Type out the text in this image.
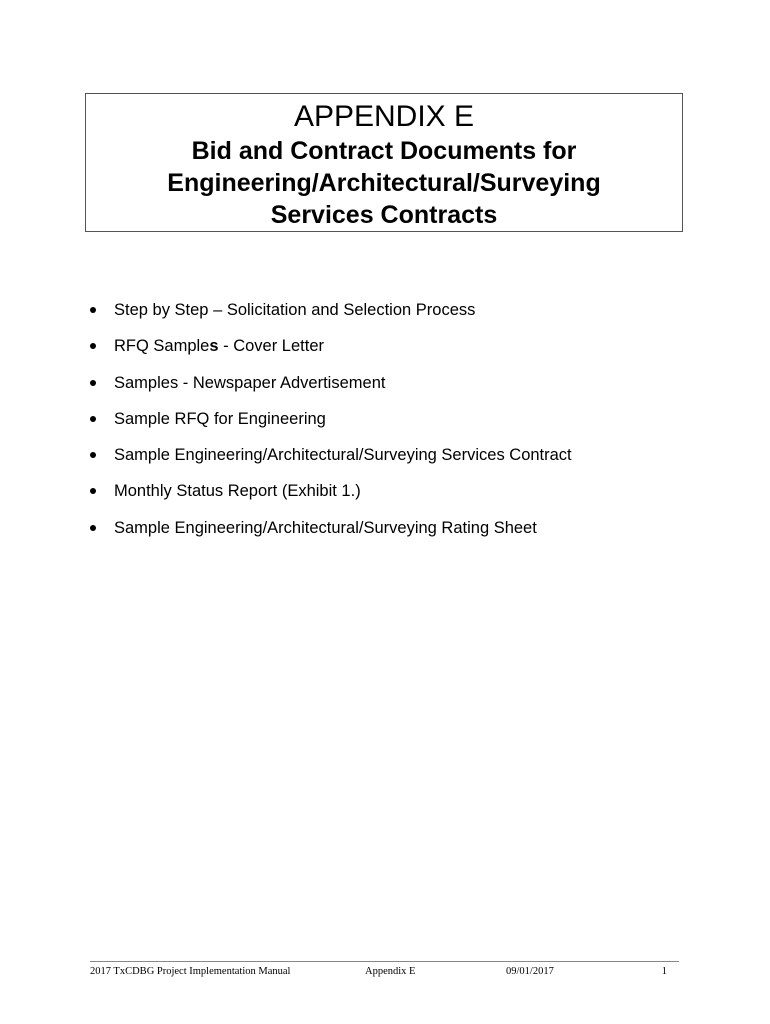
APPENDIX E
Bid and Contract Documents for
Engineering/Architectural/Surveying
Services Contracts
Step by Step – Solicitation and Selection Process
RFQ Samples - Cover Letter
Samples - Newspaper Advertisement
Sample RFQ for Engineering
Sample Engineering/Architectural/Surveying Services Contract
Monthly Status Report (Exhibit 1.)
Sample Engineering/Architectural/Surveying Rating Sheet
2017 TxCDBG Project Implementation Manual	Appendix E	09/01/2017	1
